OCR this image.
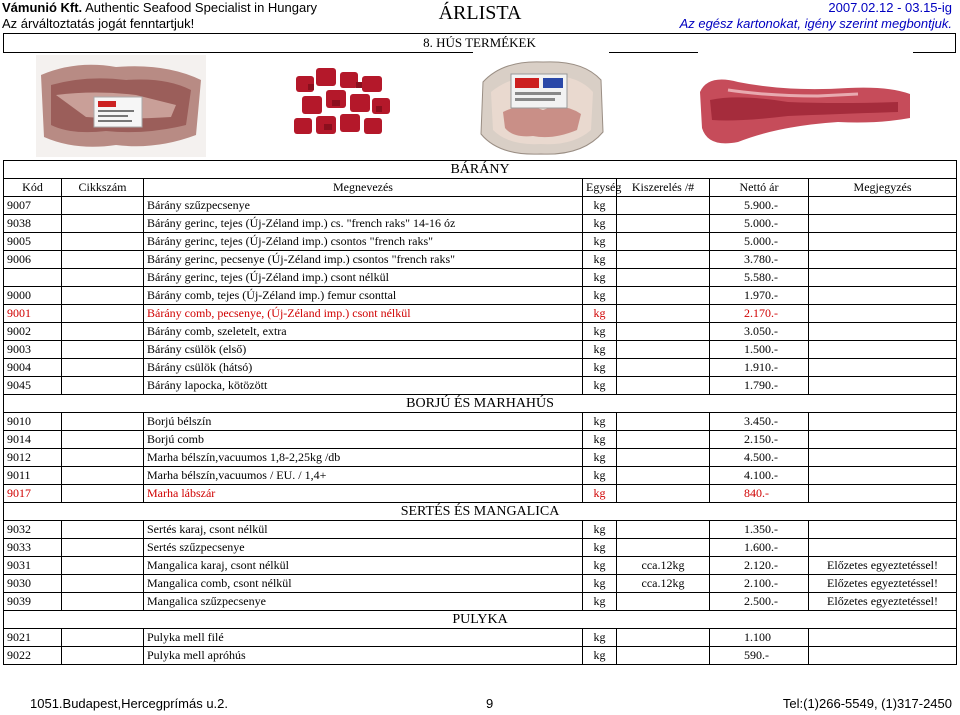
Vámunió Kft. Authentic Seafood Specialist in Hungary
Az árváltoztatás jogát fenntartjuk!	ÁRLISTA	2007.02.12 - 03.15-ig
Az egész kartonokat, igény szerint megbontjuk.
8. HÚS TERMÉKEK
BÁRÁNY						
Kód	Cikkszám	Megnevezés	Egység	Kiszerelés /#	Nettó ár	Megjegyzés
9007		Bárány szűzpecsenye	kg		5.900.-	
9038		Bárány gerinc, tejes (Új-Zéland imp.) cs. "french raks" 14-16 óz	kg		5.000.-	
9005		Bárány gerinc, tejes (Új-Zéland imp.) csontos "french raks"	kg		5.000.-	
9006		Bárány gerinc, pecsenye (Új-Zéland imp.) csontos "french raks"	kg		3.780.-	
		Bárány gerinc, tejes (Új-Zéland imp.) csont nélkül	kg		5.580.-	
9000		Bárány comb, tejes (Új-Zéland imp.) femur csonttal	kg		1.970.-	
9001		Bárány comb, pecsenye, (Új-Zéland imp.) csont nélkül	kg		2.170.-	
9002		Bárány comb, szeletelt, extra	kg		3.050.-	
9003		Bárány csülök (első)	kg		1.500.-	
9004		Bárány csülök (hátsó)	kg		1.910.-	
9045		Bárány lapocka, kötözött	kg		1.790.-	
BORJÚ ÉS MARHAHÚS						
9010		Borjú bélszín	kg		3.450.-	
9014		Borjú comb	kg		2.150.-	
9012		Marha bélszín,vacuumos 1,8-2,25kg /db	kg		4.500.-	
9011		Marha bélszín,vacuumos / EU. / 1,4+	kg		4.100.-	
9017		Marha lábszár	kg		840.-	
SERTÉS ÉS MANGALICA						
9032		Sertés karaj, csont nélkül	kg		1.350.-	
9033		Sertés szűzpecsenye	kg		1.600.-	
9031		Mangalica karaj, csont nélkül	kg	cca.12kg	2.120.-	Előzetes egyeztetéssel!
9030		Mangalica comb, csont nélkül	kg	cca.12kg	2.100.-	Előzetes egyeztetéssel!
9039		Mangalica szűzpecsenye	kg		2.500.-	Előzetes egyeztetéssel!
PULYKA						
9021		Pulyka mell filé	kg		1.100	
9022		Pulyka mell apróhús	kg		590.-	
1051.Budapest,Hercegprímás u.2.	9	Tel:(1)266-5549, (1)317-2450
